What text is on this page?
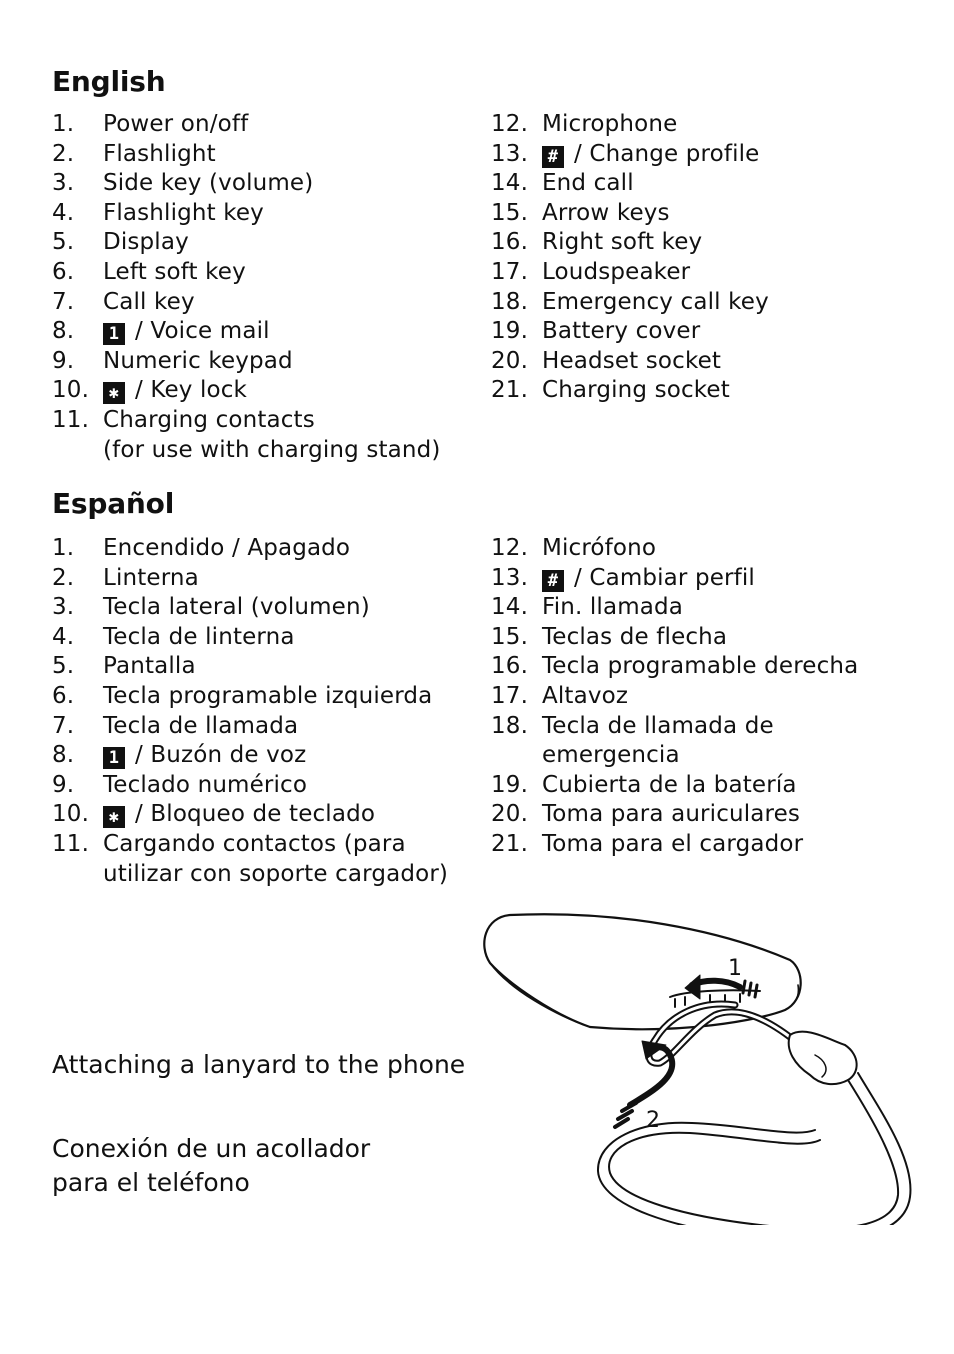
English
1.	Power on/off
2.	Flashlight
3.	Side key (volume)
4.	Flashlight key
5.	Display
6.	Left soft key
7.	Call key
8.	1 / Voice mail
9.	Numeric keypad
10.	✱ / Key lock
11. Charging contacts
(for use with charging stand)
12. Microphone
13.	# / Change profile
14. End call
15. Arrow keys
16. Right soft key
17. Loudspeaker
18. Emergency call key
19. Battery cover
20. Headset socket
21. Charging socket
Español
1.	Encendido / Apagado
2.	Linterna
3.	Tecla lateral (volumen)
4.	Tecla de linterna
5.	Pantalla
6.	Tecla programable izquierda
7.	Tecla de llamada
8.	1 / Buzón de voz
9.	Teclado numérico
10.	✱ / Bloqueo de teclado
11. Cargando contactos (para
utilizar con soporte cargador)
12. Micrófono
13.	# / Cambiar perfil
14. Fin. llamada
15. Teclas de flecha
16. Tecla programable derecha
17. Altavoz
18. Tecla de llamada de
emergencia
19. Cubierta de la batería
20. Toma para auriculares
21. Toma para el cargador

Attaching a lanyard to the phone

Conexión de un acollador

para el teléfono

1
2
